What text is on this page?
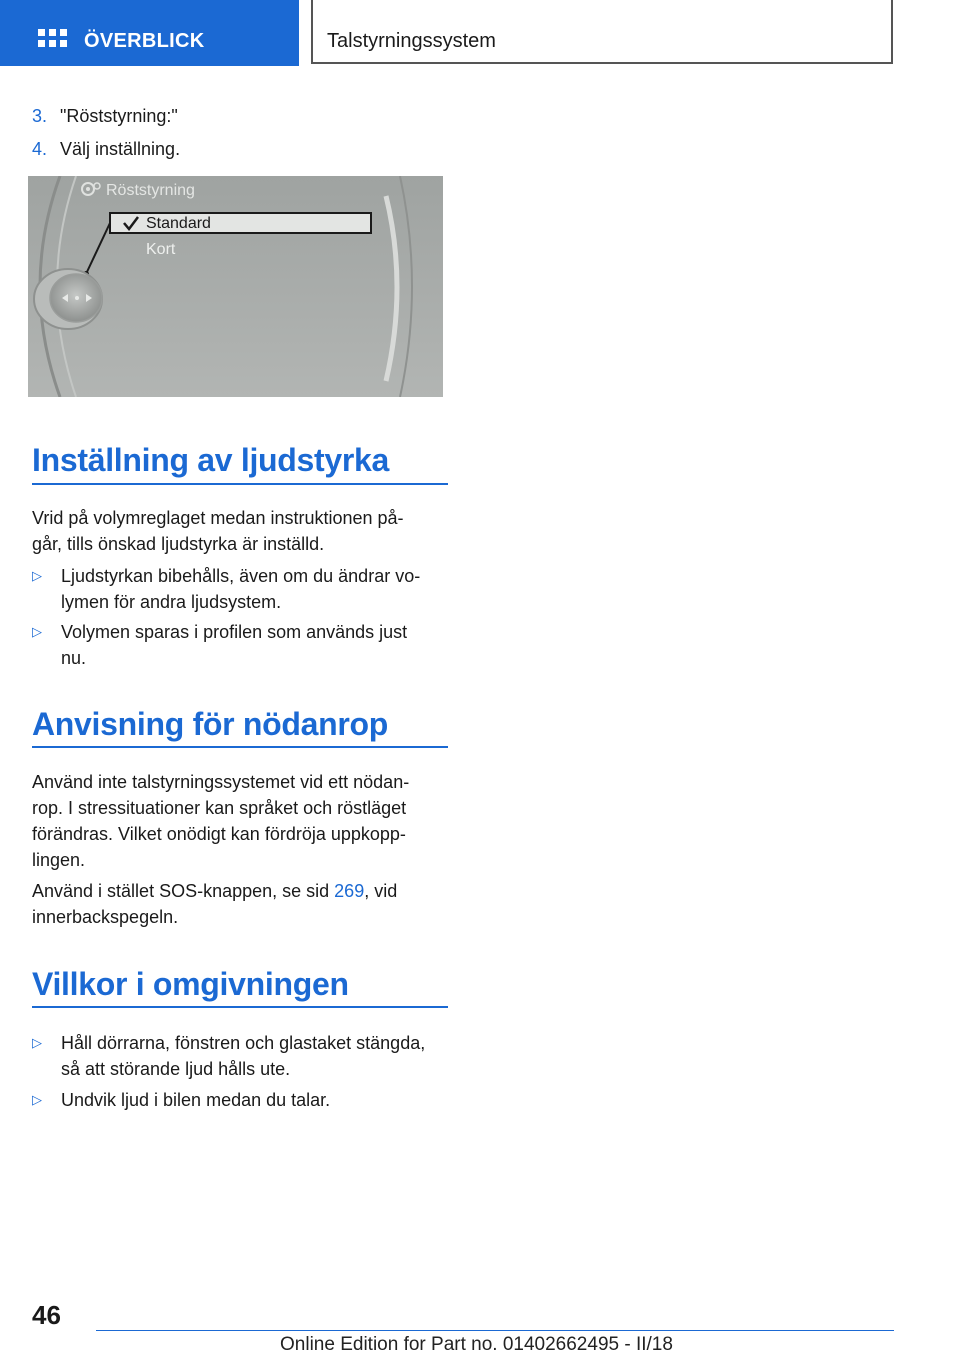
ÖVERBLICK	Talstyrningssystem
3. "Röststyrning:"
4. Välj inställning.
Röststyrning
Standard
Kort
Inställning av ljudstyrka
Vrid på volymreglaget medan instruktionen på‐
går, tills önskad ljudstyrka är inställd.
▷	Ljudstyrkan bibehålls, även om du ändrar vo‐
lymen för andra ljudsystem.
▷	Volymen sparas i profilen som används just
nu.
Anvisning för nödanrop
Använd inte talstyrningssystemet vid ett nödan‐
rop. I stressituationer kan språket och röstläget
förändras. Vilket onödigt kan fördröja uppkopp‐
lingen.
Använd i stället SOS-knappen, se sid 269, vid
innerbackspegeln.
Villkor i omgivningen
▷	Håll dörrarna, fönstren och glastaket stängda,
så att störande ljud hålls ute.
▷	Undvik ljud i bilen medan du talar.
46
Online Edition for Part no. 01402662495 - II/18
